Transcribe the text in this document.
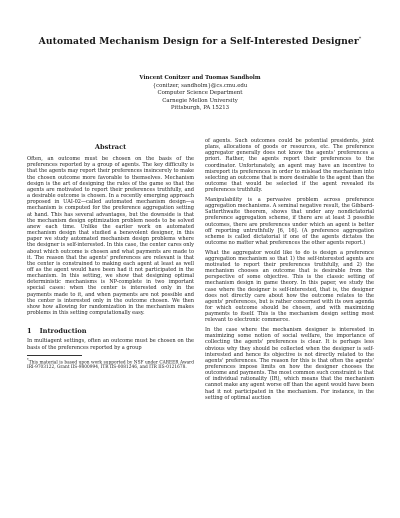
Automated Mechanism Design for a Self-Interested Designer*
Vincent Conitzer and Tuomas Sandholm
{conitzer, sandholm}@cs.cmu.edu
Computer Science Department
Carnegie Mellon University
Pittsburgh, PA 15213

Abstract

Often, an outcome must be chosen on the basis of the preferences reported by a group of agents. The key difficulty is that the agents may report their preferences insincerely to make the chosen outcome more favorable to themselves. Mechanism design is the art of designing the rules of the game so that the agents are motivated to report their preferences truthfully, and a desirable outcome is chosen. In a recently emerging approach proposed in UAI-02—called automated mechanism design—a mechanism is computed for the preference aggregation setting at hand. This has several advantages, but the downside is that the mechanism design optimization problem needs to be solved anew each time. Unlike the earlier work on automated mechanism design that studied a benevolent designer, in this paper we study automated mechanism design problems where the designer is self-interested. In this case, the center cares only about which outcome is chosen and what payments are made to it. The reason that the agents' preferences are relevant is that the center is constrained to making each agent at least as well off as the agent would have been had it not participated in the mechanism. In this setting, we show that designing optimal deterministic mechanisms is NP-complete in two important special cases: when the center is interested only in the payments made to it, and when payments are not possible and the center is interested only in the outcome chosen. We then show how allowing for randomization in the mechanism makes problems in this setting computationally easy.

1 Introduction

In multiagent settings, often an outcome must be chosen on the basis of the preferences reported by a group

*This material is based upon work supported by NSF under CAREER Award IRI-9703122, Grant IIS-9800994, ITR IIS-0081246, and ITR IIS-0121678.

of agents. Such outcomes could be potential presidents, joint plans, allocations of goods or resources, etc. The preference aggregator generally does not know the agents' preferences a priori. Rather, the agents report their preferences to the coordinator. Unfortunately, an agent may have an incentive to misreport its preferences in order to mislead the mechanism into selecting an outcome that is more desirable to the agent than the outcome that would be selected if the agent revealed its preferences truthfully.

Manipulability is a pervasive problem across preference aggregation mechanisms. A seminal negative result, the Gibbard-Satterthwaite theorem, shows that under any nondictatorial preference aggregation scheme, if there are at least 3 possible outcomes, there are preferences under which an agent is better off reporting untruthfully [6, 16]. (A preference aggregation scheme is called dictatorial if one of the agents dictates the outcome no matter what preferences the other agents report.)

What the aggregator would like to do is design a preference aggregation mechanism so that 1) the self-interested agents are motivated to report their preferences truthfully, and 2) the mechanism chooses an outcome that is desirable from the perspective of some objective. This is the classic setting of mechanism design in game theory. In this paper, we study the case where the designer is self-interested, that is, the designer does not directly care about how the outcome relates to the agents' preferences, but is rather concerned with its own agenda for which outcome should be chosen, and with maximizing payments to itself. This is the mechanism design setting most relevant to electronic commerce.

In the case where the mechanism designer is interested in maximizing some notion of social welfare, the importance of collecting the agents' preferences is clear. It is perhaps less obvious why they should be collected when the designer is self-interested and hence its objective is not directly related to the agents' preferences. The reason for this is that often the agents' preferences impose limits on how the designer chooses the outcome and payments. The most common such constraint is that of individual rationality (IR), which means that the mechanism cannot make any agent worse off than the agent would have been had it not participated in the mechanism. For instance, in the setting of optimal auction
